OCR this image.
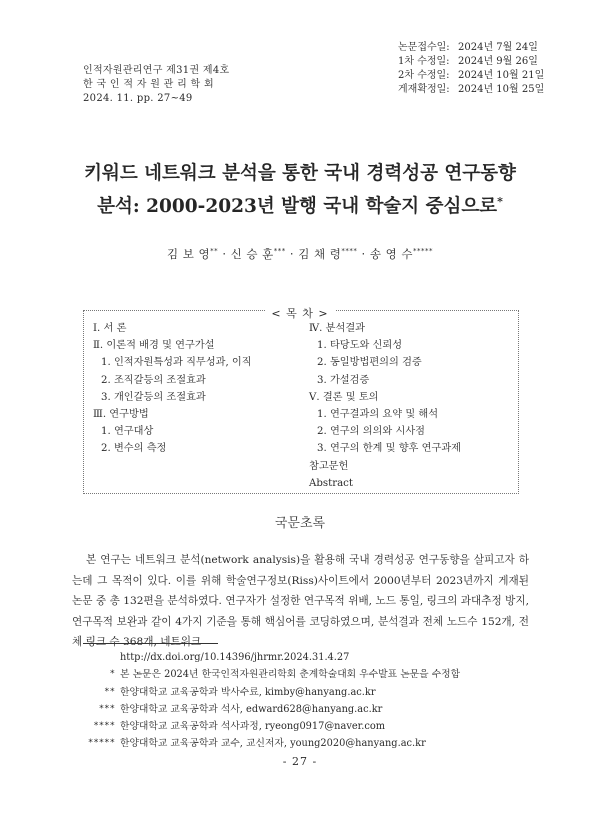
인적자원관리연구 제31권 제4호
한 국 인 적 자 원 관 리 학 회
2024. 11. pp. 27~49
논문접수일: 2024년 7월 24일
1차 수정일: 2024년 9월 26일
2차 수정일: 2024년 10월 21일
게재확정일: 2024년 10월 25일
키워드 네트워크 분석을 통한 국내 경력성공 연구동향
분석: 2000-2023년 발행 국내 학술지 중심으로*
김 보 영** · 신 승 훈*** · 김 채 령**** · 송 영 수*****
< 목 차 >
Ⅰ. 서 론
Ⅱ. 이론적 배경 및 연구가설
1. 인적자원특성과 직무성과, 이직
2. 조직갈등의 조절효과
3. 개인갈등의 조절효과
Ⅲ. 연구방법
1. 연구대상
2. 변수의 측정
Ⅳ. 분석결과
1. 타당도와 신뢰성
2. 동일방법편의의 검증
3. 가설검증
Ⅴ. 결론 및 토의
1. 연구결과의 요약 및 해석
2. 연구의 의의와 시사점
3. 연구의 한계 및 향후 연구과제
참고문헌
Abstract
국문초록

본 연구는 네트워크 분석(network analysis)을 활용해 국내 경력성공 연구동향을 살피고자 하는데 그 목적이 있다. 이를 위해 학술연구정보(Riss)사이트에서 2000년부터 2023년까지 게재된 논문 중 총 132편을 분석하였다. 연구자가 설정한 연구목적 위배, 노드 통일, 링크의 과대추정 방지, 연구목적 보완과 같이 4가지 기준을 통해 핵심어를 코딩하였으며, 분석결과 전체 노드수 152개, 전체 링크 수 368개, 네트워크

http://dx.doi.org/10.14396/jhrmr.2024.31.4.27
* 본 논문은 2024년 한국인적자원관리학회 춘계학술대회 우수발표 논문을 수정함
** 한양대학교 교육공학과 박사수료, kimby@hanyang.ac.kr
*** 한양대학교 교육공학과 석사, edward628@hanyang.ac.kr
**** 한양대학교 교육공학과 석사과정, ryeong0917@naver.com
***** 한양대학교 교육공학과 교수, 교신저자, young2020@hanyang.ac.kr
- 27 -
